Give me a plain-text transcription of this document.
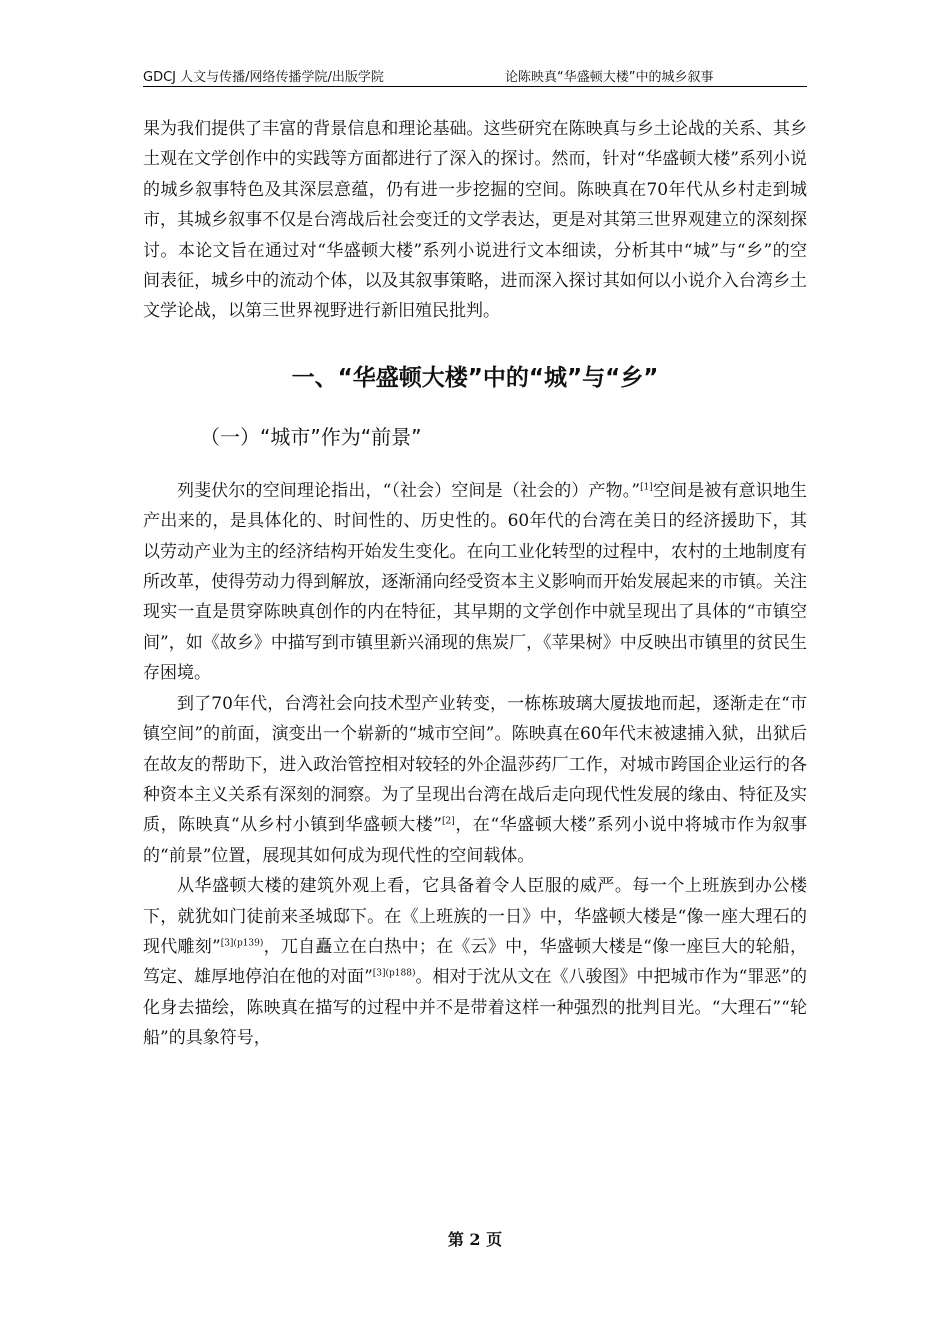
GDCJ 人文与传播/网络传播学院/出版学院	论陈映真“华盛顿大楼”中的城乡叙事

果为我们提供了丰富的背景信息和理论基础。这些研究在陈映真与乡土论战的关系、其乡土观在文学创作中的实践等方面都进行了深入的探讨。然而，针对“华盛顿大楼”系列小说的城乡叙事特色及其深层意蕴，仍有进一步挖掘的空间。陈映真在70年代从乡村走到城市，其城乡叙事不仅是台湾战后社会变迁的文学表达，更是对其第三世界观建立的深刻探讨。本论文旨在通过对“华盛顿大楼”系列小说进行文本细读，分析其中“城”与“乡”的空间表征，城乡中的流动个体，以及其叙事策略，进而深入探讨其如何以小说介入台湾乡土文学论战，以第三世界视野进行新旧殖民批判。

一、“华盛顿大楼”中的“城”与“乡”
（一）“城市”作为“前景”

列斐伏尔的空间理论指出，“（社会）空间是（社会的）产物。”[1]空间是被有意识地生产出来的，是具体化的、时间性的、历史性的。60年代的台湾在美日的经济援助下，其以劳动产业为主的经济结构开始发生变化。在向工业化转型的过程中，农村的土地制度有所改革，使得劳动力得到解放，逐渐涌向经受资本主义影响而开始发展起来的市镇。关注现实一直是贯穿陈映真创作的内在特征，其早期的文学创作中就呈现出了具体的“市镇空间”，如《故乡》中描写到市镇里新兴涌现的焦炭厂，《苹果树》中反映出市镇里的贫民生存困境。

到了70年代，台湾社会向技术型产业转变，一栋栋玻璃大厦拔地而起，逐渐走在“市镇空间”的前面，演变出一个崭新的“城市空间”。陈映真在60年代末被逮捕入狱，出狱后在故友的帮助下，进入政治管控相对较轻的外企温莎药厂工作，对城市跨国企业运行的各种资本主义关系有深刻的洞察。为了呈现出台湾在战后走向现代性发展的缘由、特征及实质，陈映真“从乡村小镇到华盛顿大楼”[2]，在“华盛顿大楼”系列小说中将城市作为叙事的“前景”位置，展现其如何成为现代性的空间载体。

从华盛顿大楼的建筑外观上看，它具备着令人臣服的威严。每一个上班族到办公楼下，就犹如门徒前来圣城邸下。在《上班族的一日》中，华盛顿大楼是“像一座大理石的现代雕刻”$^{[3](p139)}$，兀自矗立在白热中；在《云》中，华盛顿大楼是“像一座巨大的轮船，笃定、雄厚地停泊在他的对面”$^{[3](p188)}$。相对于沈从文在《八骏图》中把城市作为“罪恶”的化身去描绘，陈映真在描写的过程中并不是带着这样一种强烈的批判目光。“大理石”“轮船”的具象符号，

第 2 页
